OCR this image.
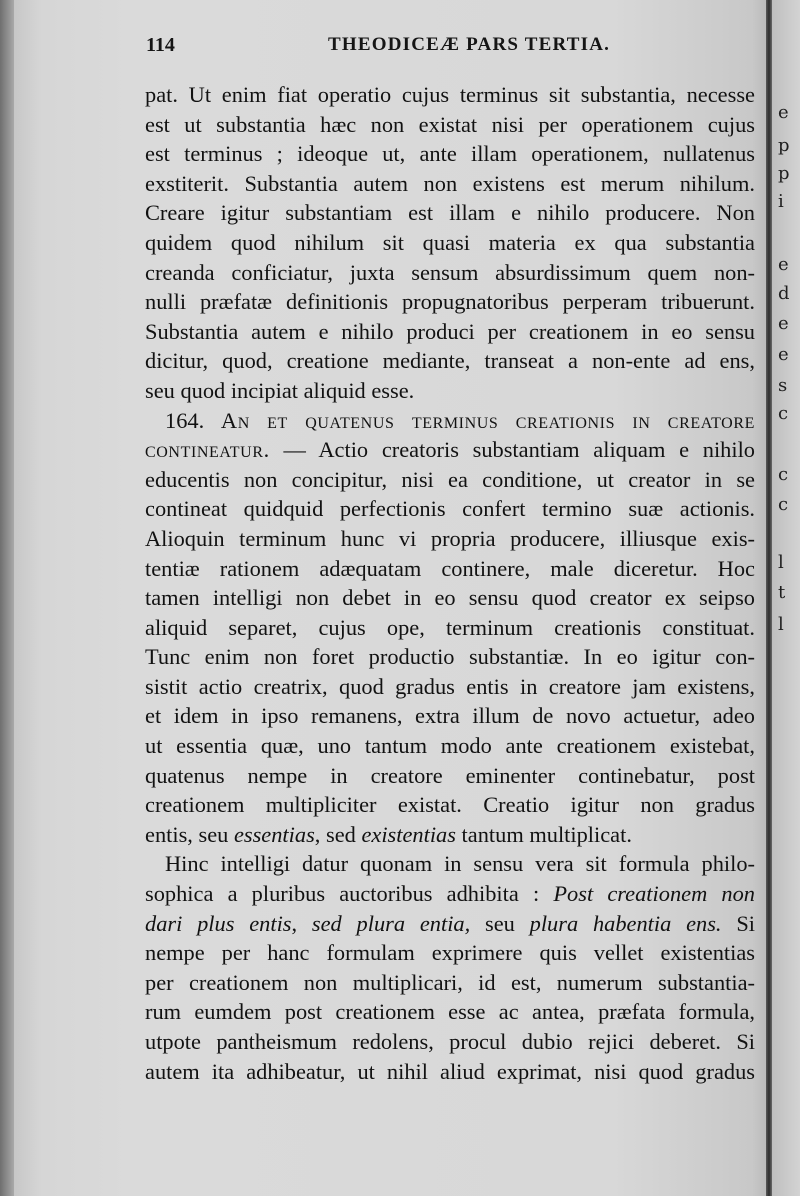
e
p
p
i
e
d
e
e
s
c
c
c
l
t
l
114	THEODICEÆ PARS TERTIA.
pat. Ut enim fiat operatio cujus terminus sit substantia, necesse
est ut substantia hæc non existat nisi per operationem cujus
est terminus ; ideoque ut, ante illam operationem, nullatenus
exstiterit. Substantia autem non existens est merum nihilum.
Creare igitur substantiam est illam e nihilo producere. Non
quidem quod nihilum sit quasi materia ex qua substantia
creanda conficiatur, juxta sensum absurdissimum quem non-
nulli præfatæ definitionis propugnatoribus perperam tribuerunt.
Substantia autem e nihilo produci per creationem in eo sensu
dicitur, quod, creatione mediante, transeat a non-ente ad ens,
seu quod incipiat aliquid esse.
164. An et quatenus terminus creationis in creatore
contineatur. — Actio creatoris substantiam aliquam e nihilo
educentis non concipitur, nisi ea conditione, ut creator in se
contineat quidquid perfectionis confert termino suæ actionis.
Alioquin terminum hunc vi propria producere, illiusque exis-
tentiæ rationem adæquatam continere, male diceretur. Hoc
tamen intelligi non debet in eo sensu quod creator ex seipso
aliquid separet, cujus ope, terminum creationis constituat.
Tunc enim non foret productio substantiæ. In eo igitur con-
sistit actio creatrix, quod gradus entis in creatore jam existens,
et idem in ipso remanens, extra illum de novo actuetur, adeo
ut essentia quæ, uno tantum modo ante creationem existebat,
quatenus nempe in creatore eminenter continebatur, post
creationem multipliciter existat. Creatio igitur non gradus
entis, seu essentias, sed existentias tantum multiplicat.
Hinc intelligi datur quonam in sensu vera sit formula philo-
sophica a pluribus auctoribus adhibita : Post creationem non
dari plus entis, sed plura entia, seu plura habentia ens. Si
nempe per hanc formulam exprimere quis vellet existentias
per creationem non multiplicari, id est, numerum substantia-
rum eumdem post creationem esse ac antea, præfata formula,
utpote pantheismum redolens, procul dubio rejici deberet. Si
autem ita adhibeatur, ut nihil aliud exprimat, nisi quod gradus
